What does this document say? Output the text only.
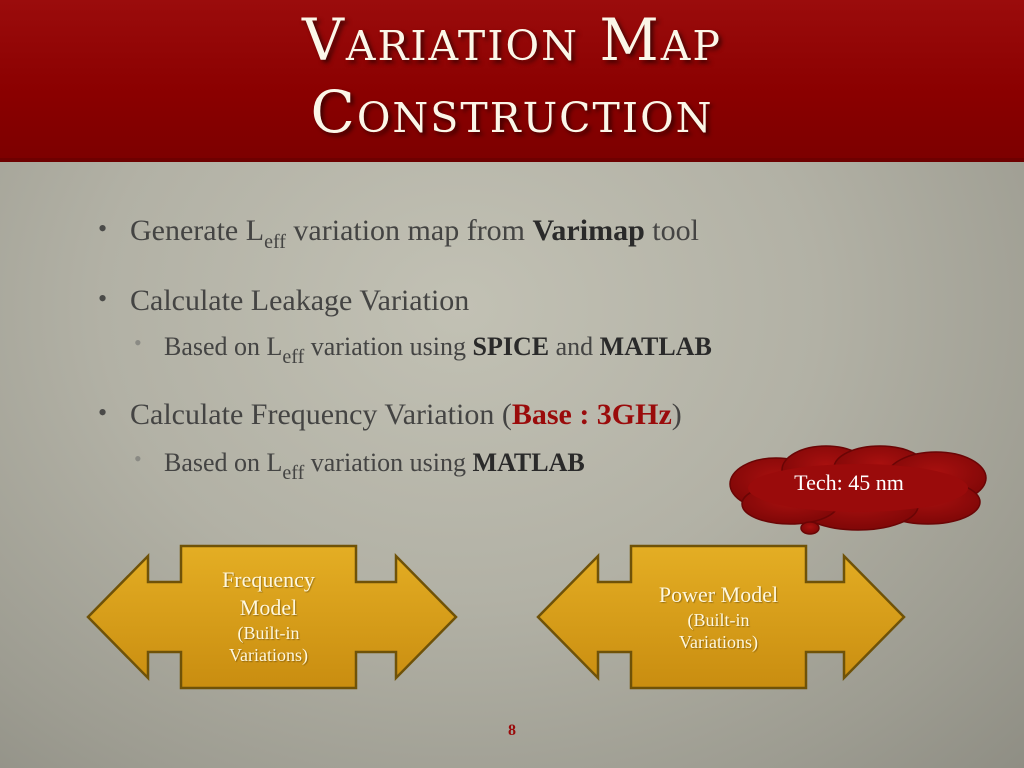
Variation Map
Construction
• Generate $L_{eff}$ variation map from Varimap tool
• Calculate Leakage Variation
• Based on $L_{eff}$ variation using SPICE and MATLAB
• Calculate Frequency Variation (Base : 3GHz)
• Based on $L_{eff}$ variation using MATLAB
Tech: 45 nm
Frequency
Model
(Built-in
Variations)
Power Model
(Built-in
Variations)
8
